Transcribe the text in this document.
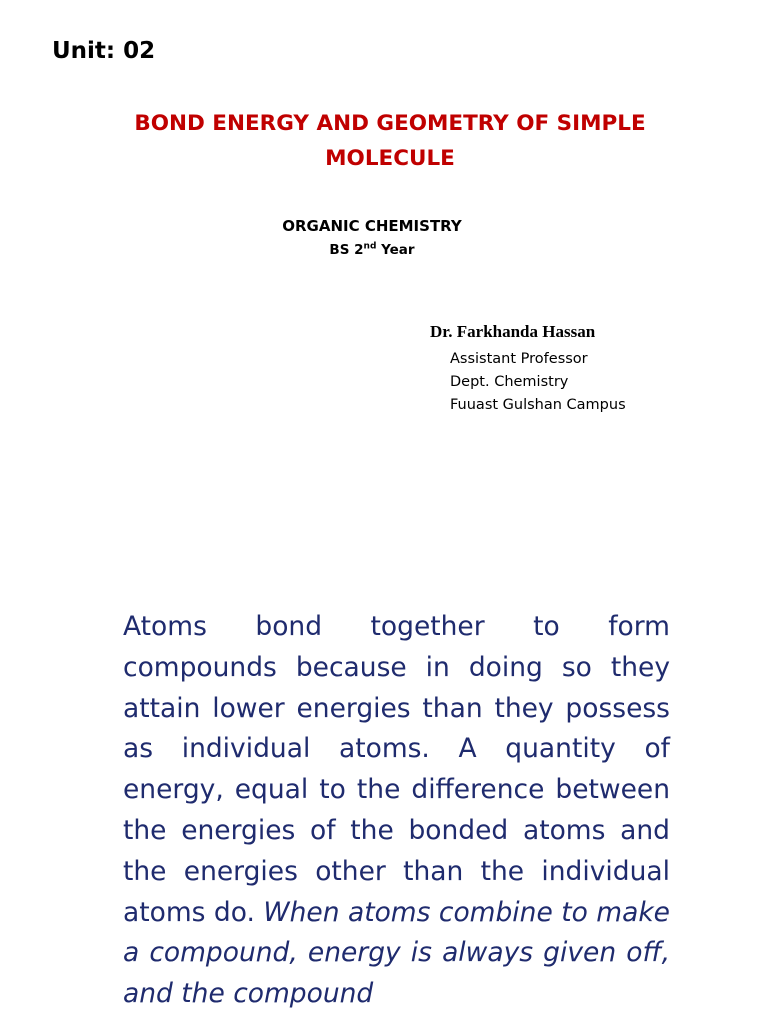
Unit: 02
BOND ENERGY AND GEOMETRY OF SIMPLE MOLECULE
ORGANIC CHEMISTRY
BS 2nd Year
Dr. Farkhanda Hassan
Assistant Professor
Dept. Chemistry
Fuuast Gulshan Campus

Atoms bond together to form compounds because in doing so they attain lower energies than they possess as individual atoms. A quantity of energy, equal to the difference between the energies of the bonded atoms and the energies other than the individual atoms do. When atoms combine to make a compound, energy is always given off, and the compound
